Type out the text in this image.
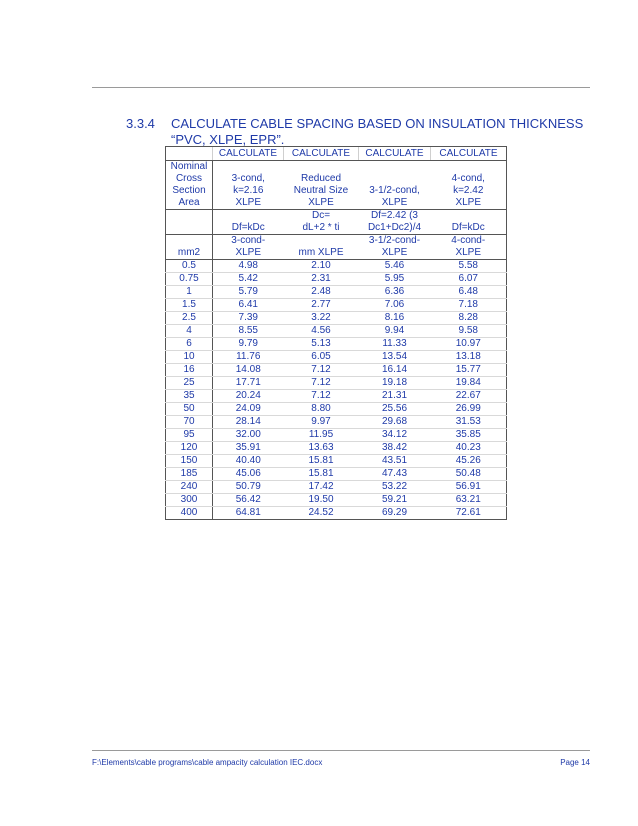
3.3.4	CALCULATE CABLE SPACING BASED ON INSULATION THICKNESS “PVC, XLPE, EPR”.
	CALCULATE	CALCULATE	CALCULATE	CALCULATE
Nominal				
Cross	3-cond,	Reduced		4-cond,
Section	k=2.16	Neutral Size	3-1/2-cond,	k=2.42
Area	XLPE	XLPE	XLPE	XLPE
		Dc=	Df=2.42 (3	
	Df=kDc	dL+2 * ti	Dc1+Dc2)/4	Df=kDc
	3-cond-		3-1/2-cond-	4-cond-
mm2	XLPE	mm XLPE	XLPE	XLPE
0.5	4.98	2.10	5.46	5.58
0.75	5.42	2.31	5.95	6.07
1	5.79	2.48	6.36	6.48
1.5	6.41	2.77	7.06	7.18
2.5	7.39	3.22	8.16	8.28
4	8.55	4.56	9.94	9.58
6	9.79	5.13	11.33	10.97
10	11.76	6.05	13.54	13.18
16	14.08	7.12	16.14	15.77
25	17.71	7.12	19.18	19.84
35	20.24	7.12	21.31	22.67
50	24.09	8.80	25.56	26.99
70	28.14	9.97	29.68	31.53
95	32.00	11.95	34.12	35.85
120	35.91	13.63	38.42	40.23
150	40.40	15.81	43.51	45.26
185	45.06	15.81	47.43	50.48
240	50.79	17.42	53.22	56.91
300	56.42	19.50	59.21	63.21
400	64.81	24.52	69.29	72.61
F:\Elements\cable programs\cable ampacity calculation IEC.docx	Page 14
